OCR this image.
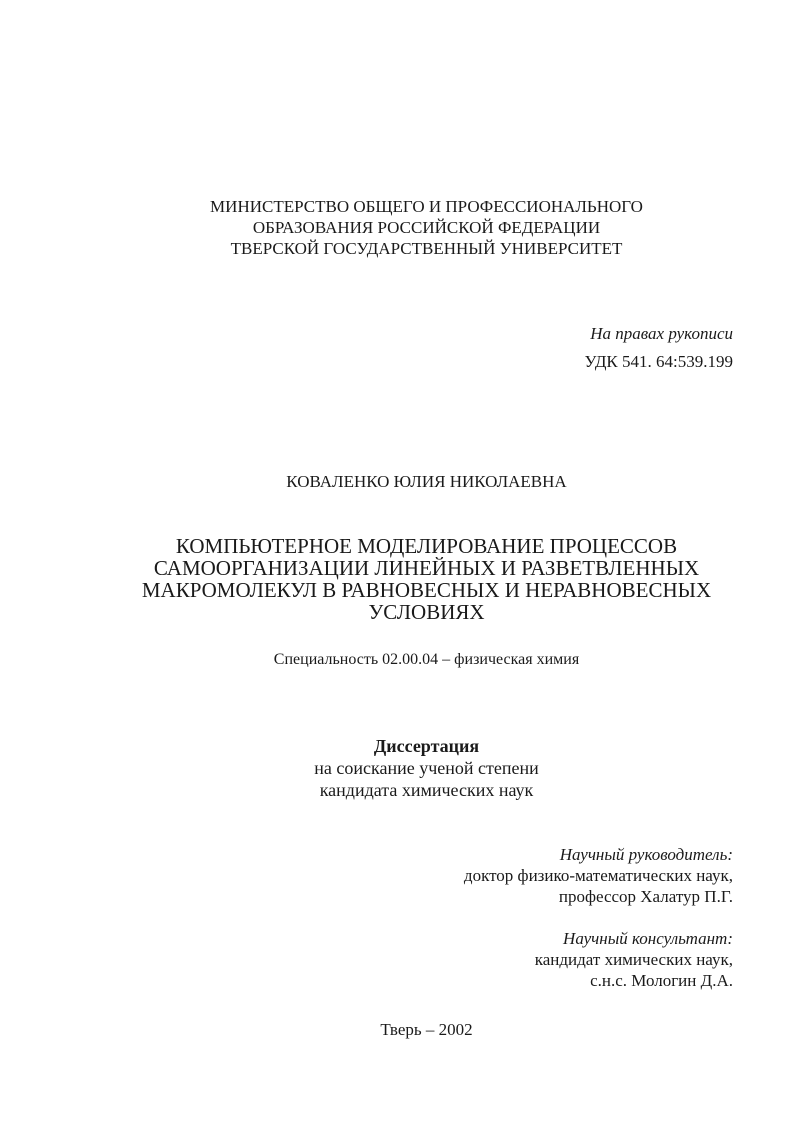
МИНИСТЕРСТВО ОБЩЕГО И ПРОФЕССИОНАЛЬНОГО
ОБРАЗОВАНИЯ РОССИЙСКОЙ ФЕДЕРАЦИИ
ТВЕРСКОЙ ГОСУДАРСТВЕННЫЙ УНИВЕРСИТЕТ
На правах рукописи
УДК 541. 64:539.199
КОВАЛЕНКО ЮЛИЯ НИКОЛАЕВНА
КОМПЬЮТЕРНОЕ МОДЕЛИРОВАНИЕ ПРОЦЕССОВ
САМООРГАНИЗАЦИИ ЛИНЕЙНЫХ И РАЗВЕТВЛЕННЫХ
МАКРОМОЛЕКУЛ В РАВНОВЕСНЫХ И НЕРАВНОВЕСНЫХ
УСЛОВИЯХ
Специальность 02.00.04 – физическая химия
Диссертация
на соискание ученой степени
кандидата химических наук
Научный руководитель:
доктор физико-математических наук,
профессор Халатур П.Г.
Научный консультант:
кандидат химических наук,
с.н.с. Мологин Д.А.
Тверь – 2002
